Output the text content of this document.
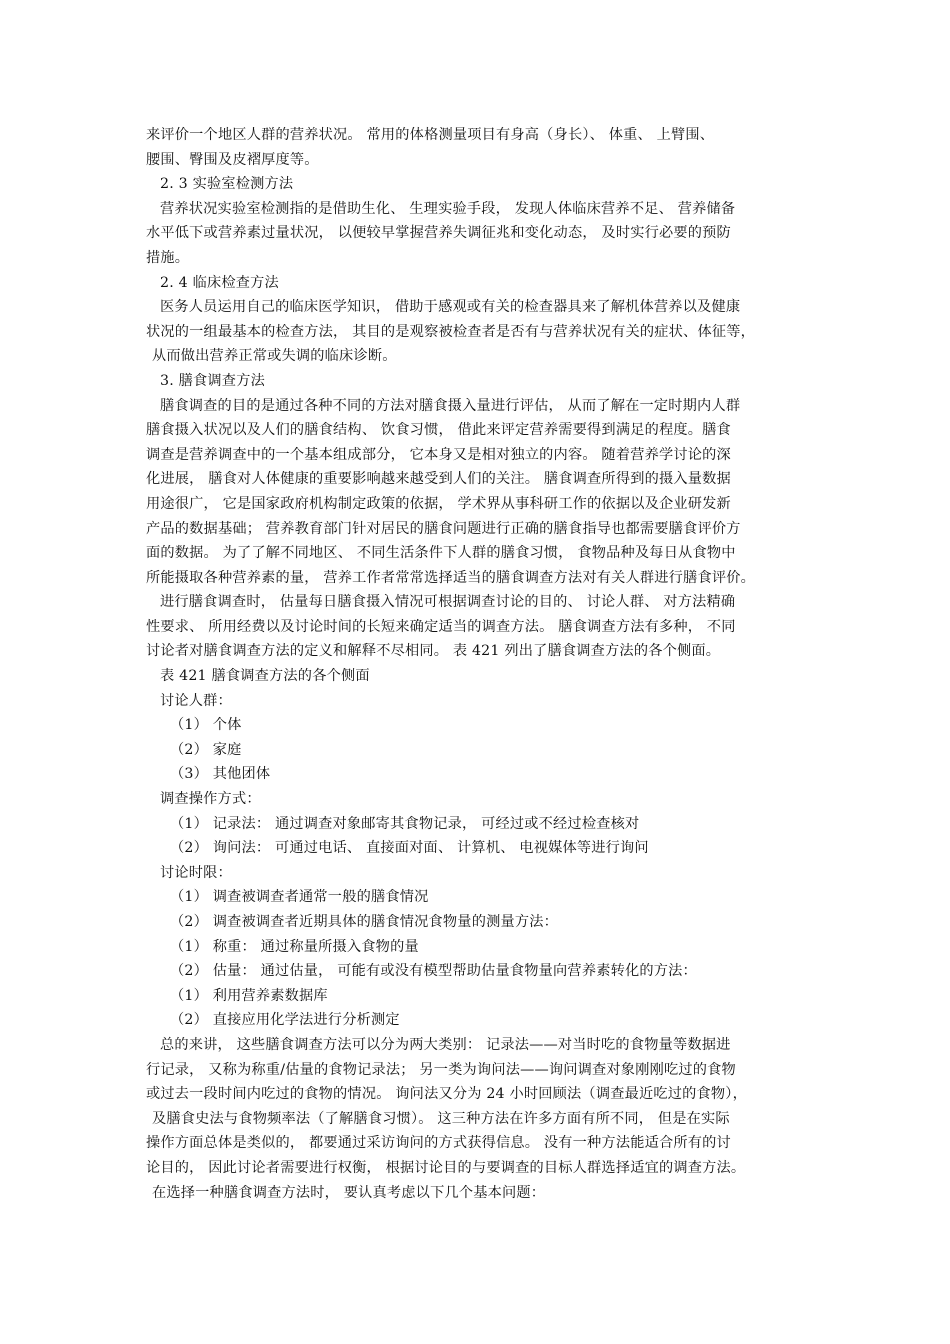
来评价一个地区人群的营养状况。 常用的体格测量项目有身高（身长）、 体重、 上臂围、
腰围、臀围及皮褶厚度等。
2. 3 实验室检测方法
营养状况实验室检测指的是借助生化、 生理实验手段， 发现人体临床营养不足、 营养储备
水平低下或营养素过量状况， 以便较早掌握营养失调征兆和变化动态， 及时实行必要的预防
措施。
2. 4 临床检查方法
医务人员运用自己的临床医学知识， 借助于感观或有关的检查器具来了解机体营养以及健康
状况的一组最基本的检查方法， 其目的是观察被检查者是否有与营养状况有关的症状、体征等，
从而做出营养正常或失调的临床诊断。
3. 膳食调查方法
膳食调查的目的是通过各种不同的方法对膳食摄入量进行评估， 从而了解在一定时期内人群
膳食摄入状况以及人们的膳食结构、 饮食习惯， 借此来评定营养需要得到满足的程度。膳食
调查是营养调查中的一个基本组成部分， 它本身又是相对独立的内容。 随着营养学讨论的深
化进展， 膳食对人体健康的重要影响越来越受到人们的关注。 膳食调查所得到的摄入量数据
用途很广， 它是国家政府机构制定政策的依据， 学术界从事科研工作的依据以及企业研发新
产品的数据基础； 营养教育部门针对居民的膳食问题进行正确的膳食指导也都需要膳食评价方
面的数据。 为了了解不同地区、 不同生活条件下人群的膳食习惯， 食物品种及每日从食物中
所能摄取各种营养素的量， 营养工作者常常选择适当的膳食调查方法对有关人群进行膳食评价。
进行膳食调查时， 估量每日膳食摄入情况可根据调查讨论的目的、 讨论人群、 对方法精确
性要求、 所用经费以及讨论时间的长短来确定适当的调查方法。 膳食调查方法有多种， 不同
讨论者对膳食调查方法的定义和解释不尽相同。 表 421 列出了膳食调查方法的各个侧面。
表 421 膳食调查方法的各个侧面
讨论人群：
（1） 个体
（2） 家庭
（3） 其他团体
调查操作方式：
（1） 记录法： 通过调查对象邮寄其食物记录， 可经过或不经过检查核对
（2） 询问法： 可通过电话、 直接面对面、 计算机、 电视媒体等进行询问
讨论时限：
（1） 调查被调查者通常一般的膳食情况
（2） 调查被调查者近期具体的膳食情况食物量的测量方法：
（1） 称重： 通过称量所摄入食物的量
（2） 估量： 通过估量， 可能有或没有模型帮助估量食物量向营养素转化的方法：
（1） 利用营养素数据库
（2） 直接应用化学法进行分析测定
总的来讲， 这些膳食调查方法可以分为两大类别： 记录法——对当时吃的食物量等数据进
行记录， 又称为称重/估量的食物记录法； 另一类为询问法——询问调查对象刚刚吃过的食物
或过去一段时间内吃过的食物的情况。 询问法又分为 24 小时回顾法（调查最近吃过的食物），
及膳食史法与食物频率法（了解膳食习惯）。 这三种方法在许多方面有所不同， 但是在实际
操作方面总体是类似的， 都要通过采访询问的方式获得信息。 没有一种方法能适合所有的讨
论目的， 因此讨论者需要进行权衡， 根据讨论目的与要调查的目标人群选择适宜的调查方法。
在选择一种膳食调查方法时， 要认真考虑以下几个基本问题：
